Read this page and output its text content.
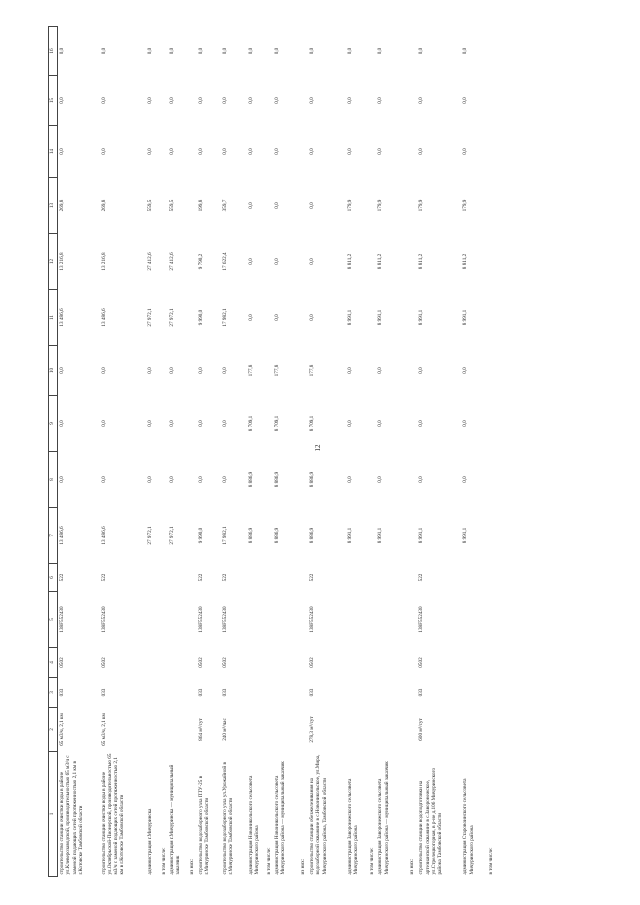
12
1	2	3	4	5	6	7	8	9	10	11	12	13	14	15	16
строительство станции очистки воды в районе ул.Клеверозаводской, производительностью 65 м3/ч с заменой подающих сетей протяженностью 2,1 км в г.Котовске Тамбовской области	65 м3/ч, 2,1 км	033	0502	138F552430	522	13 486,6	0,0	0,0	0,0	13 486,6	13 216,8	269,8	0,0	0,0	0,0
строительство станции очистки воды в районе ул.Октябрьской-Пионерской, производительностью 65 м3/ч с заменой подающих сетей протяженностью 2,1 км в г.Котовске Тамбовской области	65 м3/ч, 2,1 км	033	0502	138F552430	522	13 486,6	0,0	0,0	0,0	13 486,6	13 216,8	269,8	0,0	0,0	0,0
администрация г.Мичуринска						27 972,1	0,0	0,0	0,0	27 972,1	27 412,6	559,5	0,0	0,0	0,0
в том числе:															
администрация г.Мичуринска — муниципальный заказчик						27 972,1	0,0	0,0	0,0	27 972,1	27 412,6	559,5	0,0	0,0	0,0
из них:															
строительство водозаборного узла ПТУ-25 в г.Мичуринске Тамбовской области	864 м³/сут	033	0502	138F552430	522	9 990,0	0,0	0,0	0,0	9 990,0	9 790,2	199,8	0,0	0,0	0,0
строительство водозаборного узла ул.Урожайной в г.Мичуринске Тамбовской области	240 м³/час	033	0502	138F552430	522	17 982,1	0,0	0,0	0,0	17 982,1	17 622,4	359,7	0,0	0,0	0,0
администрация Новоникольского сельсовета Мичуринского района						8 886,9	8 886,9	8 709,1	177,8	0,0	0,0	0,0	0,0	0,0	0,0
в том числе:															
администрация Новоникольского сельсовета Мичуринского района — муниципальный заказчик						8 886,9	8 886,9	8 709,1	177,8	0,0	0,0	0,0	0,0	0,0	0,0
из них:															
строительство станции обезжелезивания на водозаборной скважине в с.Новоникольское, ул.Мира, Мичуринского района, Тамбовской области	278,3 м³/сут	033	0502	138F552430	522	8 886,9	8 886,9	8 709,1	177,8	0,0	0,0	0,0	0,0	0,0	0,0
администрация Заворонежского сельсовета Мичуринского района						8 991,1	0,0	0,0	0,0	8 991,1	8 811,2	179,9	0,0	0,0	0,0
в том числе:															
администрация Заворонежского сельсовета Мичуринского района — муниципальный заказчик						8 991,1	0,0	0,0	0,0	8 991,1	8 811,2	179,9	0,0	0,0	0,0
из них:															
строительство станции водоподготовки на артезианской скважине в с.Заворонежское, ул.Стрелецкогорная, в р-не д.106 Мичуринского района Тамбовской области	600 м³/сут	033	0502	138F552430	522	8 991,1	0,0	0,0	0,0	8 991,1	8 811,2	179,9	0,0	0,0	0,0
администрация Старовоинского сельсовета Мичуринского района						8 991,1	0,0	0,0	0,0	8 991,1	8 811,2	179,9	0,0	0,0	0,0
в том числе:															
